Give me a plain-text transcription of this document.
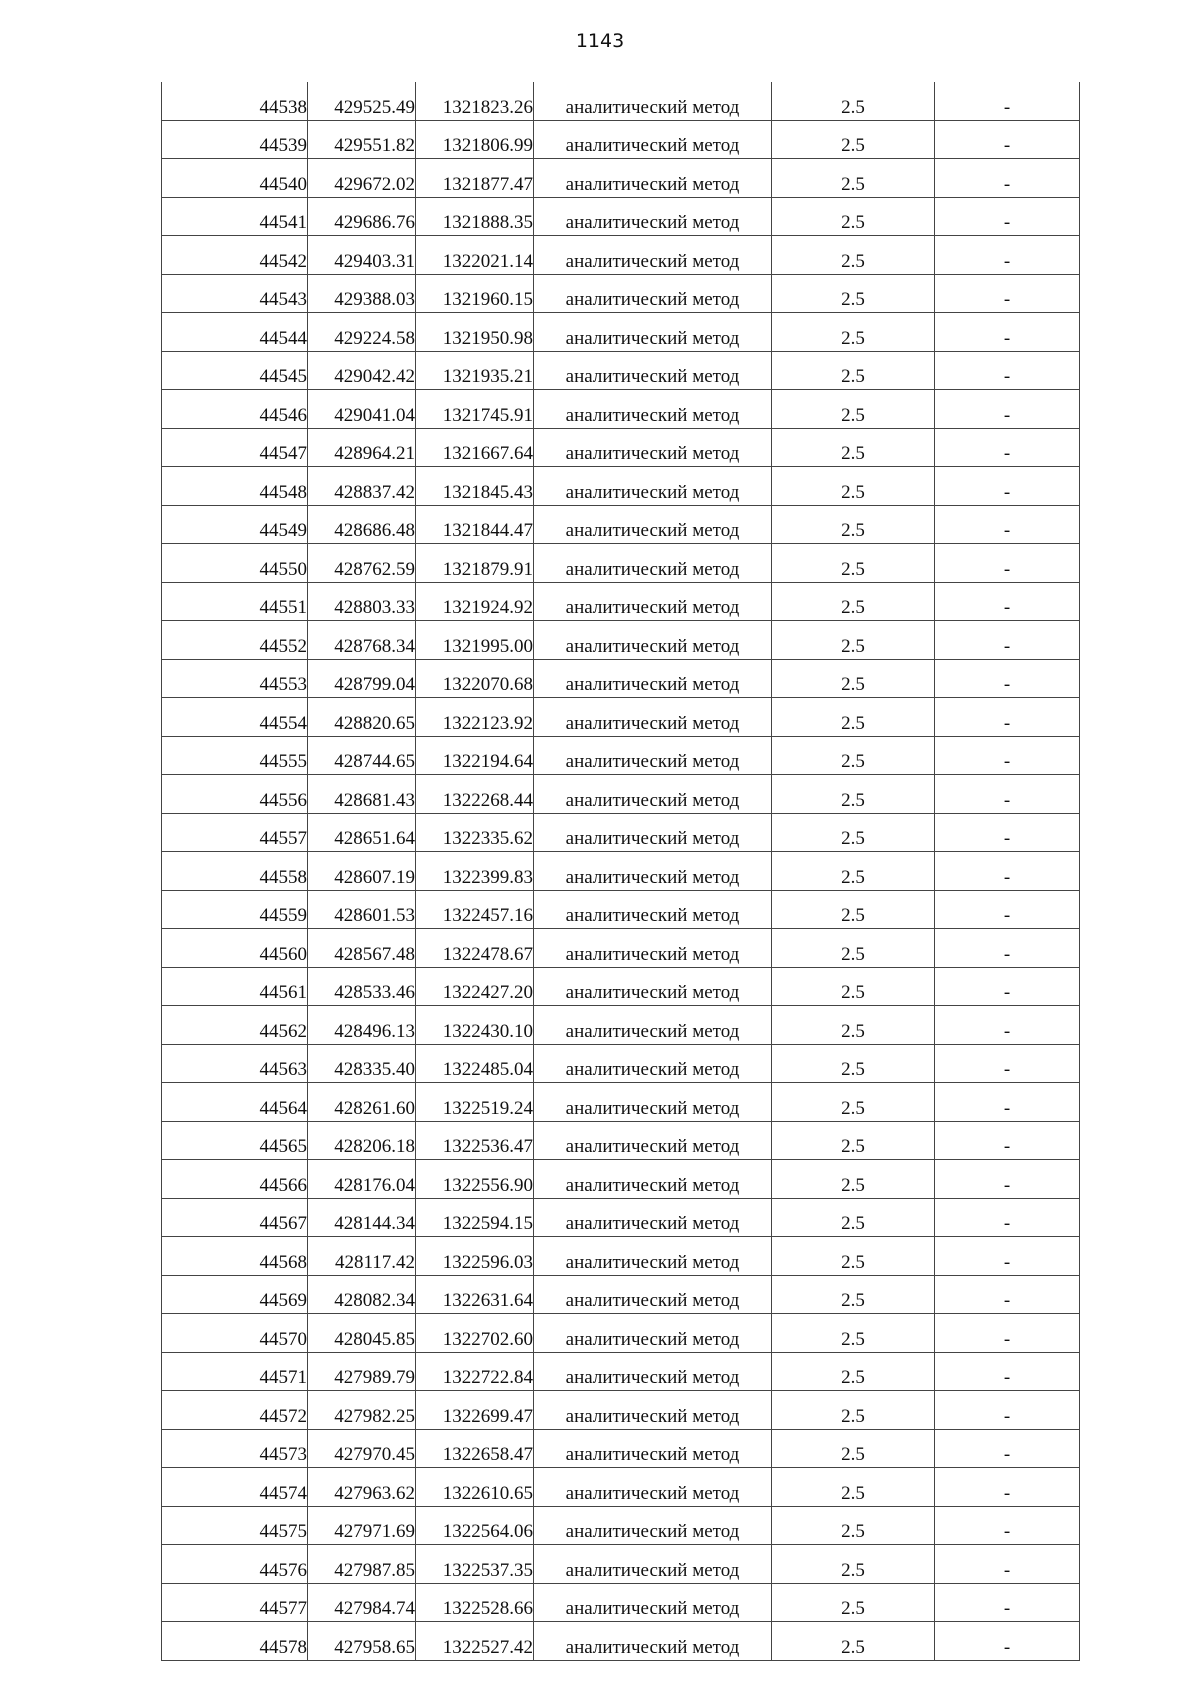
1143
44538	429525.49	1321823.26	аналитический метод	2.5	-
44539	429551.82	1321806.99	аналитический метод	2.5	-
44540	429672.02	1321877.47	аналитический метод	2.5	-
44541	429686.76	1321888.35	аналитический метод	2.5	-
44542	429403.31	1322021.14	аналитический метод	2.5	-
44543	429388.03	1321960.15	аналитический метод	2.5	-
44544	429224.58	1321950.98	аналитический метод	2.5	-
44545	429042.42	1321935.21	аналитический метод	2.5	-
44546	429041.04	1321745.91	аналитический метод	2.5	-
44547	428964.21	1321667.64	аналитический метод	2.5	-
44548	428837.42	1321845.43	аналитический метод	2.5	-
44549	428686.48	1321844.47	аналитический метод	2.5	-
44550	428762.59	1321879.91	аналитический метод	2.5	-
44551	428803.33	1321924.92	аналитический метод	2.5	-
44552	428768.34	1321995.00	аналитический метод	2.5	-
44553	428799.04	1322070.68	аналитический метод	2.5	-
44554	428820.65	1322123.92	аналитический метод	2.5	-
44555	428744.65	1322194.64	аналитический метод	2.5	-
44556	428681.43	1322268.44	аналитический метод	2.5	-
44557	428651.64	1322335.62	аналитический метод	2.5	-
44558	428607.19	1322399.83	аналитический метод	2.5	-
44559	428601.53	1322457.16	аналитический метод	2.5	-
44560	428567.48	1322478.67	аналитический метод	2.5	-
44561	428533.46	1322427.20	аналитический метод	2.5	-
44562	428496.13	1322430.10	аналитический метод	2.5	-
44563	428335.40	1322485.04	аналитический метод	2.5	-
44564	428261.60	1322519.24	аналитический метод	2.5	-
44565	428206.18	1322536.47	аналитический метод	2.5	-
44566	428176.04	1322556.90	аналитический метод	2.5	-
44567	428144.34	1322594.15	аналитический метод	2.5	-
44568	428117.42	1322596.03	аналитический метод	2.5	-
44569	428082.34	1322631.64	аналитический метод	2.5	-
44570	428045.85	1322702.60	аналитический метод	2.5	-
44571	427989.79	1322722.84	аналитический метод	2.5	-
44572	427982.25	1322699.47	аналитический метод	2.5	-
44573	427970.45	1322658.47	аналитический метод	2.5	-
44574	427963.62	1322610.65	аналитический метод	2.5	-
44575	427971.69	1322564.06	аналитический метод	2.5	-
44576	427987.85	1322537.35	аналитический метод	2.5	-
44577	427984.74	1322528.66	аналитический метод	2.5	-
44578	427958.65	1322527.42	аналитический метод	2.5	-
